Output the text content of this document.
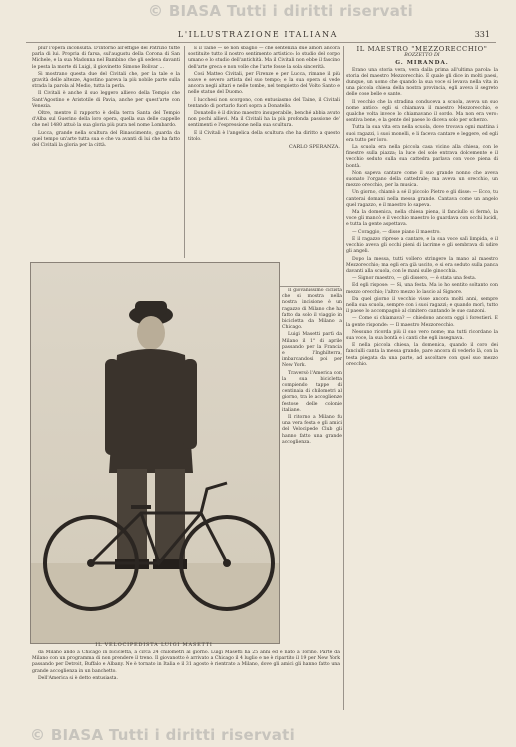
© BIASA Tutti i diritti riservati
L'ILLUSTRAZIONE ITALIANA	331

plur l'opera inconsulta. D'intorno all'effigie del Patrizio tutte parla di lui. Propria di farsa, sul'augustu della Corona di San Michele, e la sua Madonna nel Bambino che gli sedeva davanti le pesta la morte di Luigi, il giovinetto Simone Bolivar ...

Si mostrano questa due del Civitali che, per la tale e la gravità delle altezze, Agostino pareva la più nobile parte sulla strada la parola al Medio, tutta la perla.

Il Civitali è anche il suo leggero allievo della Tempio che Sant'Agostino e Aristotile di Pavia, anche per quest'arte con Venezia.

Oltre, mentre il rapporto è della terra Santa del Tempio d'Alba sul Guerino della loro opera, quella sua delle cappelle che nel 1480 attuò la sua gloria più pura nel nome Lombardo.

Lucca, grande nella scultura del Rinascimento, guarda da quel tempo un'arte tutta sua e che va avanti di lui che ha fatto del Civitali la gloria per la città.

E il Taine — se non sbaglio — che sentenzia due amori ancora sostituite tutto il nostro sentimento artistico: lo studio del corpo umano e lo studio dell'antichità. Ma il Civitali non ebbe il fascino dell'arte greca e non volle che l'arte fosse la sola sincerità.

Così Matteo Civitali, per Firenze e per Lucca, rimane il più soave e severo artista del suo tempo; e la sua opera si vede ancora negli altari e nelle tombe, nel tempietto del Volto Santo e nelle statue del Duomo.

I lucchesi non scorgono, con entusiasmo del Taine, il Civitali tentando di portarlo fuori sopra a Donatello.

Donatello è il divino maestro insuperabile, benché abbia avuto non pochi allievi. Ma il Civitali ha la più profonda passione de' sentimenti e l'espressione nella sua scultura.

E il Civitali è l'angelica della scultura che ha diritto a questo titolo.

CARLO SPERANZA.

IL VELOCIPEDISTA LUIGI MASETTI

Il giovanissimo ciclista che si mostra nella nostra incisione è un ragazzo di Milano che ha fatto da solo il viaggio in bicicletta da Milano a Chicago.

Luigi Masetti partì da Milano il 1° di aprile passando per la Francia e l'Inghilterra, imbarcandosi poi per New York.

Traversò l'America con la sua bicicletta compiendo tappe di centinaia di chilometri al giorno, tra le accoglienze festose delle colonie italiane.

Il ritorno a Milano fu una vera festa e gli amici del Velocipede Club gli hanno fatto una grande accoglienza.

da Milano andò a Chicago in bicicletta, a circa 24 chilometri al giorno. Luigi Masetti ha 25 anni ed è nato a Torino. Parte da Milano con un programma di non prendere il treno. Il giovanotto è arrivato a Chicago il 4 luglio e ne è ripartito il 19 per New York passando per Detroit, Buffalo e Albany. Ne è tornato in Italia e il 31 agosto è rientrato a Milano, dove gli amici gli hanno fatto una grande accoglienza in un banchetto.

Dell'America si è detto entusiasta.

IL MAESTRO "MEZZORECCHIO"

BOZZETTO DI

G. MIRANDA.

Erano una storia vera, vera dalla prima all'ultima parola: la storia del maestro Mezzorecchio. E quale gli dice in molti paesi, dunque, un uomo che quando la sua voce si levava nella vita in una piccola chiesa della nostra provincia, egli aveva il segreto delle cose belle e sante.

Il vecchio che la stradina conduceva a scuola, aveva un suo nome antico: egli si chiamava il maestro Mezzorecchio, e qualche volta invece lo chiamavano il sordo. Ma non era vero: sentiva bene, e la gente del paese lo diceva solo per scherzo.

Tutta la sua vita era nella scuola, dove trovava ogni mattina i suoi ragazzi, i suoi monelli, e li faceva cantare e leggere, ed egli era tutto per loro.

La scuola era nella piccola casa vicino alla chiesa, con le finestre sulla piazza; la luce del sole entrava dolcemente e il vecchio seduto sulla sua cattedra parlava con voce piena di bontà.

Non sapeva cantare come il suo grande nonno che aveva suonato l'organo della cattedrale; ma aveva un orecchio, un mezzo orecchio, per la musica.

Un giorno, chiamò a sé il piccolo Pietro e gli disse: — Ecco, tu canterai domani nella messa grande. Cantava come un angelo quel ragazzo, e il maestro lo sapeva.

Ma la domenica, nella chiesa piena, il fanciullo si fermò, la voce gli mancò e il vecchio maestro lo guardava con occhi lucidi, e tutta la gente aspettava.

— Coraggio, — disse piano il maestro.

E il ragazzo riprese a cantare, e la sua voce salì limpida, e il vecchio aveva gli occhi pieni di lacrime e gli sembrava di udire gli angeli.

Dopo la messa, tutti vollero stringere la mano al maestro Mezzorecchio; ma egli era già uscito, e si era seduto sulla panca davanti alla scuola, con le mani sulle ginocchia.

— Signor maestro, — gli dissero, — è stata una festa.

Ed egli rispose: — Sì, una festa. Ma io ho sentito soltanto con mezzo orecchio; l'altro mezzo lo lascio al Signore.

Da quel giorno il vecchio visse ancora molti anni, sempre nella sua scuola, sempre con i suoi ragazzi; e quando morì, tutto il paese lo accompagnò al cimitero cantando le sue canzoni.

— Come si chiamava? — chiedono ancora oggi i forestieri. E la gente risponde: — Il maestro Mezzorecchio.

Nessuno ricorda più il suo vero nome; ma tutti ricordano la sua voce, la sua bontà e i canti che egli insegnava.

E nella piccola chiesa, la domenica, quando il coro dei fanciulli canta la messa grande, pare ancora di vederlo là, con la testa piegata da una parte, ad ascoltare con quel suo mezzo orecchio.

© BIASA Tutti i diritti riservati
